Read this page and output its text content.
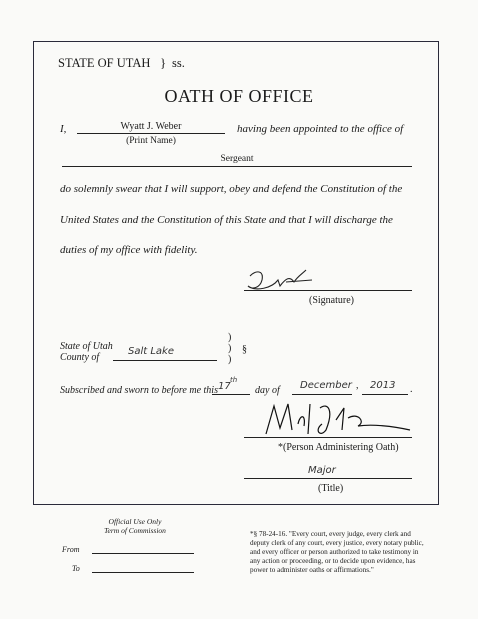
STATE OF UTAH } ss.
OATH OF OFFICE
I,	Wyatt J. Weber
(Print Name)
having been appointed to the office of
Sergeant
do solemnly swear that I will support, obey and defend the Constitution of the
United States and the Constitution of this State and that I will discharge the
duties of my office with fidelity.
(Signature)
State of Utah
County of
Salt Lake
)
)
)
§
Subscribed and sworn to before me this 17
th
day of December , 2013 .
*(Person Administering Oath)
Major
(Title)
Official Use Only
Term of Commission
From
To
*§ 78-24-16. "Every court, every judge, every clerk and deputy clerk of any court, every justice, every notary public, and every officer or person authorized to take testimony in any action or proceeding, or to decide upon evidence, has power to administer oaths or affirmations."
